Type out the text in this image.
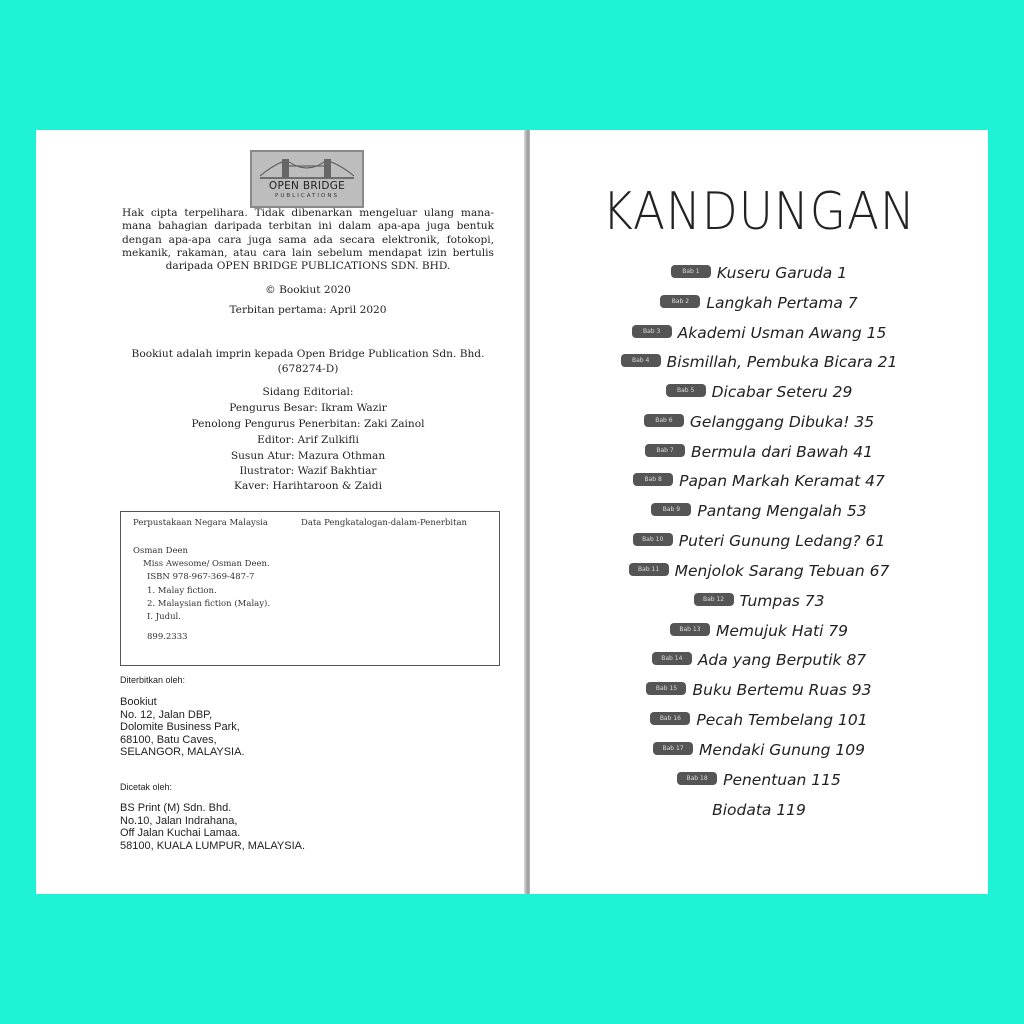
OPEN BRIDGE
PUBLICATIONS
Hak cipta terpelihara. Tidak dibenarkan mengeluar ulang mana-mana bahagian daripada terbitan ini dalam apa-apa juga bentuk dengan apa-apa cara juga sama ada secara elektronik, fotokopi, mekanik, rakaman, atau cara lain sebelum mendapat izin bertulis daripada OPEN BRIDGE PUBLICATIONS SDN. BHD.
© Bookiut 2020
Terbitan pertama: April 2020
Bookiut adalah imprin kepada Open Bridge Publication Sdn. Bhd.
(678274-D)
Sidang Editorial:
Pengurus Besar: Ikram Wazir
Penolong Pengurus Penerbitan: Zaki Zainol
Editor: Arif Zulkifli
Susun Atur: Mazura Othman
Ilustrator: Wazif Bakhtiar
Kaver: Harihtaroon & Zaidi
Perpustakaan Negara Malaysia	Data Pengkatalogan-dalam-Penerbitan
Osman Deen
Miss Awesome/ Osman Deen.
ISBN 978-967-369-487-7
1. Malay fiction.
2. Malaysian fiction (Malay).
I. Judul.
899.2333
Diterbitkan oleh:
Bookiut
No. 12, Jalan DBP,
Dolomite Business Park,
68100, Batu Caves,
SELANGOR, MALAYSIA.
Dicetak oleh:
BS Print (M) Sdn. Bhd.
No.10, Jalan Indrahana,
Off Jalan Kuchai Lamaa.
58100, KUALA LUMPUR, MALAYSIA.
KANDUNGAN
Bab 1	Kuseru Garuda 1
Bab 2	Langkah Pertama 7
Bab 3	Akademi Usman Awang 15
Bab 4	Bismillah, Pembuka Bicara 21
Bab 5	Dicabar Seteru 29
Bab 6	Gelanggang Dibuka! 35
Bab 7	Bermula dari Bawah 41
Bab 8	Papan Markah Keramat 47
Bab 9	Pantang Mengalah 53
Bab 10 Puteri Gunung Ledang? 61
Bab 11 Menjolok Sarang Tebuan 67
Bab 12 Tumpas 73
Bab 13 Memujuk Hati 79
Bab 14 Ada yang Berputik 87
Bab 15 Buku Bertemu Ruas 93
Bab 16 Pecah Tembelang 101
Bab 17 Mendaki Gunung 109
Bab 18 Penentuan 115
Biodata 119
